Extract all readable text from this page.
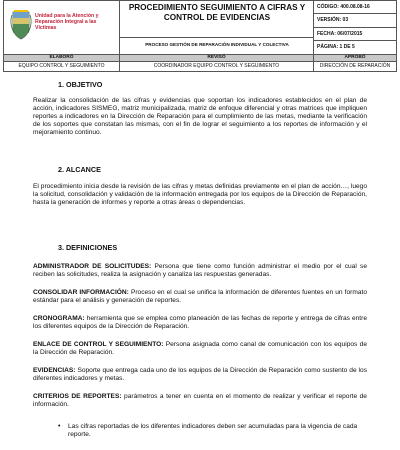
Unidad para la Atención y Reparación Integral a las Víctimas
PROCEDIMIENTO SEGUIMIENTO A CIFRAS Y CONTROL DE EVIDENCIAS
PROCESO GESTIÓN DE REPARACIÓN INDIVIDUAL Y COLECTIVA
CÓDIGO: 400.08.08-16
VERSIÓN: 03
FECHA: 06/07/2015
PÁGINA: 1 DE 5
ELABORÓ
EQUIPO CONTROL Y SEGUIMIENTO
REVISÓ
COORDINADOR EQUIPO CONTROL Y SEGUIMIENTO
APROBÓ
DIRECCIÓN DE REPARACIÓN
1. OBJETIVO

Realizar la consolidación de las cifras y evidencias que soportan los indicadores establecidos en el plan de acción, indicadores SISMEG, matriz municipalizada, matriz de enfoque diferencial y otras matrices que impliquen reportes a indicadores en la Dirección de Reparación para el cumplimiento de las metas, mediante la verificación de los soportes que constatan las mismas, con el fin de lograr el seguimiento a los reportes de información y el mejoramiento continuo.

2. ALCANCE

El procedimiento inicia desde la revisión de las cifras y metas definidas previamente en el plan de acción…, luego la solicitud, consolidación y validación de la información entregada por los equipos de la Dirección de Reparación, hasta la generación de informes y reporte a otras áreas o dependencias.

3. DEFINICIONES

ADMINISTRADOR DE SOLICITUDES: Persona que tiene como función administrar el medio por el cual se reciben las solicitudes, realiza la asignación y canaliza las respuestas generadas.

CONSOLIDAR INFORMACIÓN: Proceso en el cual se unifica la información de diferentes fuentes en un formato estándar para el análisis y generación de reportes.

CRONOGRAMA: herramienta que se emplea como planeación de las fechas de reporte y entrega de cifras entre los diferentes equipos de la Dirección de Reparación.

ENLACE DE CONTROL Y SEGUIMIENTO: Persona asignada como canal de comunicación con los equipos de la Dirección de Reparación.

EVIDENCIAS: Soporte que entrega cada uno de los equipos de la Dirección de Reparación como sustento de los diferentes indicadores y metas.

CRITERIOS DE REPORTES: parámetros a tener en cuenta en el momento de realizar y verificar el reporte de información.

• Las cifras reportadas de los diferentes indicadores deben ser acumuladas para la vigencia de cada reporte.
